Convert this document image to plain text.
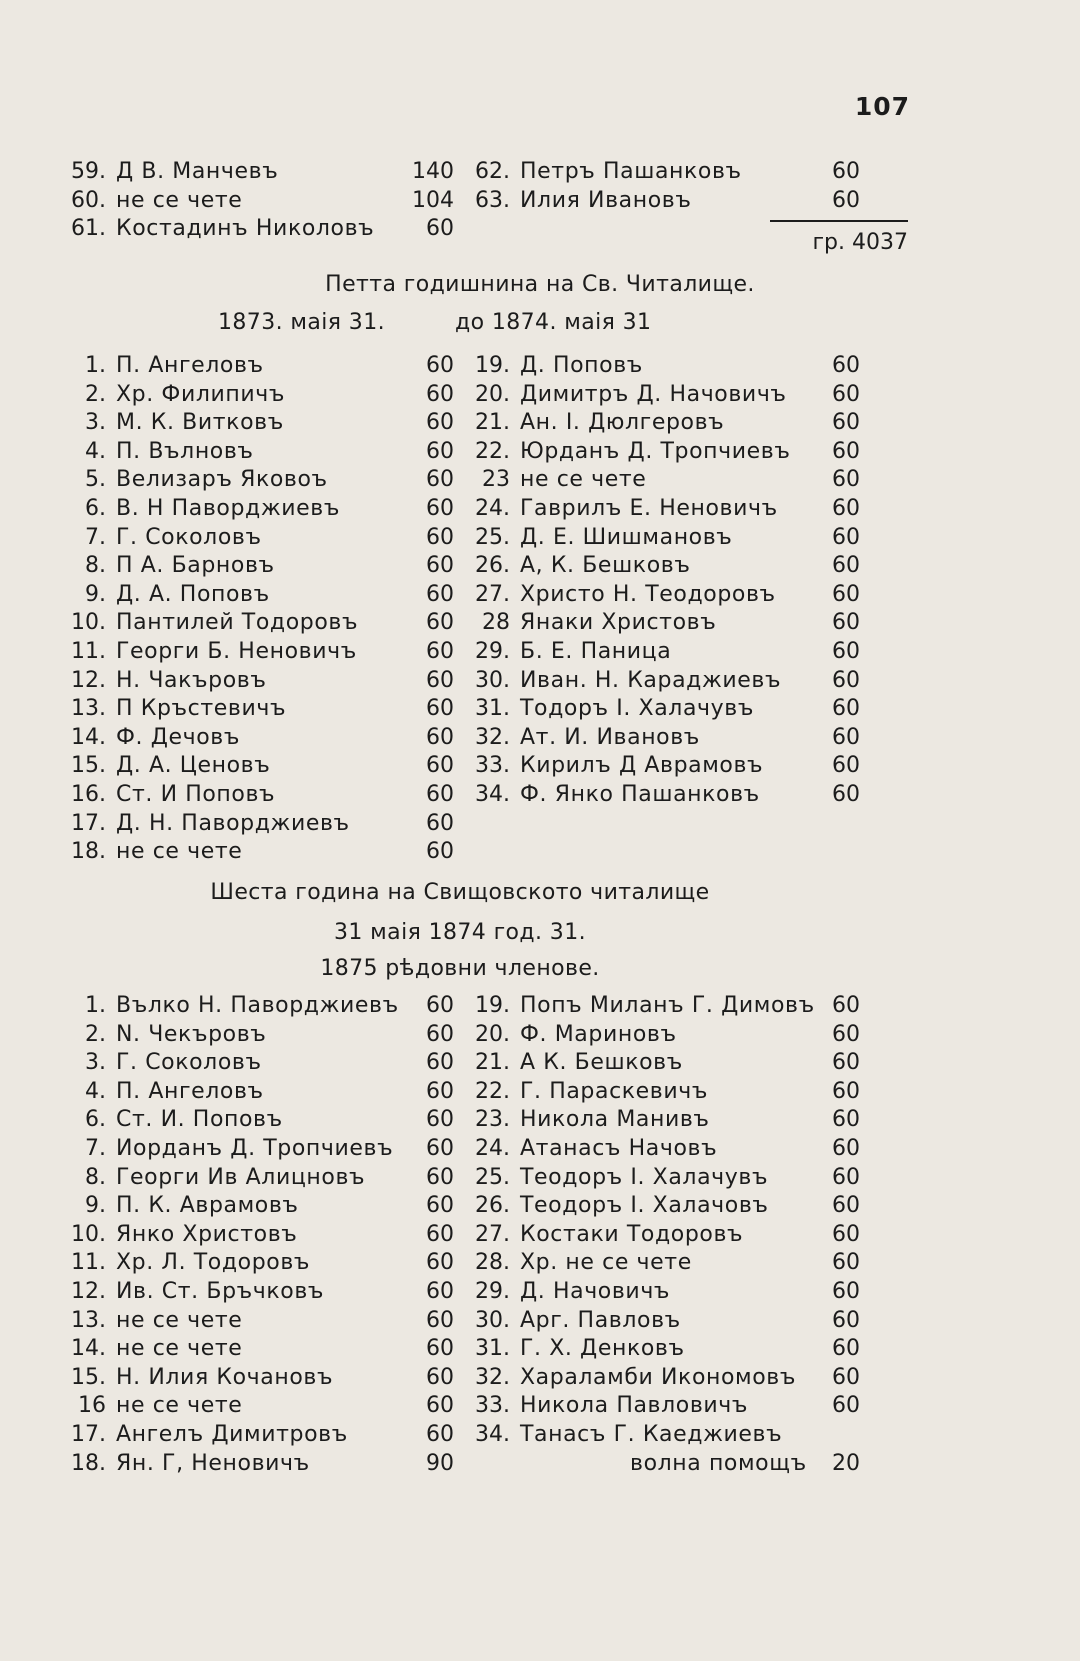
107
59. Д В. Манчевъ	140
60. не се чете	104
61. Костадинъ Николовъ 60
62. Петръ Пашанковъ	60
63. Илия Ивановъ	60
гр. 4037
Петта годишнина на Св. Читалище.
1873. маія 31.	до 1874. маія 31
1. П. Ангеловъ	60
2. Хр. Филипичъ	60
3. М. К. Витковъ	60
4. П. Вълновъ	60
5. Велизаръ Яковоъ	60
6. В. Н Паворджиевъ	60
7. Г. Соколовъ	60
8. П А. Барновъ	60
9. Д. А. Поповъ	60
10. Пантилей Тодоровъ	60
11. Георги Б. Неновичъ	60
12. Н. Чакъровъ	60
13. П Кръстевичъ	60
14. Ф. Дечовъ	60
15. Д. А. Ценовъ	60
16. Ст. И Поповъ	60
17. Д. Н. Паворджиевъ	60
18. не се чете	60
19. Д. Поповъ	60
20. Димитръ Д. Начовичъ 60
21. Ан. І. Дюлгеровъ	60
22. Юрданъ Д. Тропчиевъ 60
23 не се чете	60
24. Гаврилъ Е. Неновичъ 60
25. Д. Е. Шишмановъ	60
26. А, К. Бешковъ	60
27. Христо Н. Теодоровъ	60
28 Янаки Христовъ	60
29. Б. Е. Паница	60
30. Иван. Н. Караджиевъ 60
31. Тодоръ І. Халачувъ	60
32. Ат. И. Ивановъ	60
33. Кирилъ Д Аврамовъ	60
34. Ф. Янко Пашанковъ	60
Шеста година на Свищовското читалище
31 маія 1874 год. 31.
1875 рѣдовни членове.
1. Вълко Н. Паворджиевъ 60
2. N. Чекъровъ	60
3. Г. Соколовъ	60
4. П. Ангеловъ	60
6. Ст. И. Поповъ	60
7. Иорданъ Д. Тропчиевъ 60
8. Георги Ив Алицновъ	60
9. П. К. Аврамовъ	60
10. Янко Христовъ	60
11. Хр. Л. Тодоровъ	60
12. Ив. Ст. Бръчковъ	60
13. не се чете	60
14. не се чете	60
15. Н. Илия Кочановъ	60
16 не се чете	60
17. Ангелъ Димитровъ	60
18. Ян. Г, Неновичъ	90
19. Попъ Миланъ Г. Димовъ 60
20. Ф. Мариновъ	60
21. А К. Бешковъ	60
22. Г. Параскевичъ	60
23. Никола Манивъ	60
24. Атанасъ Начовъ	60
25. Теодоръ І. Халачувъ	60
26. Теодоръ І. Халачовъ	60
27. Костаки Тодоровъ	60
28. Хр. не се чете	60
29. Д. Начовичъ	60
30. Арг. Павловъ	60
31. Г. Х. Денковъ	60
32. Хараламби Икономовъ 60
33. Никола Павловичъ	60
34. Танасъ Г. Каеджиевъ
волна помощъ 20
